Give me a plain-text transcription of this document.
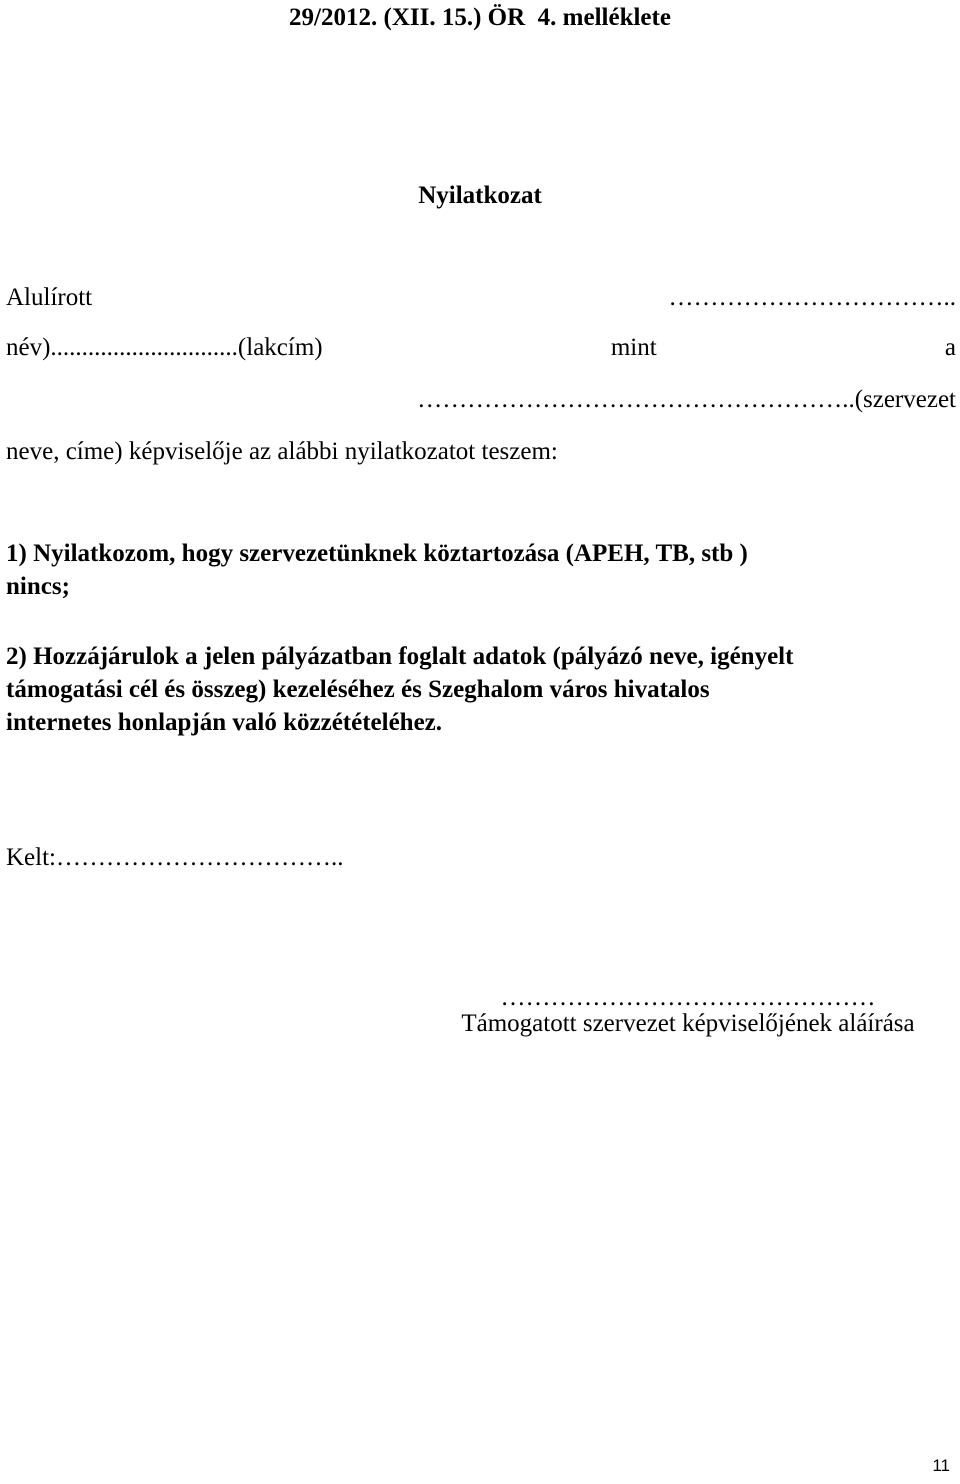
29/2012. (XII. 15.) ÖR  4. melléklete
Nyilatkozat
Alulírott	……………………………..
név)..............................(lakcím)	mint	a
……………………………………………..(szervezet
neve, címe) képviselője az alábbi nyilatkozatot teszem:
1) Nyilatkozom, hogy szervezetünknek köztartozása (APEH, TB, stb )
nincs;
2) Hozzájárulok a jelen pályázatban foglalt adatok (pályázó neve, igényelt
támogatási cél és összeg) kezeléséhez és Szeghalom város hivatalos
internetes honlapján való közzétételéhez.
Kelt:……………………………..
………………………………………
Támogatott szervezet képviselőjének aláírása
11
